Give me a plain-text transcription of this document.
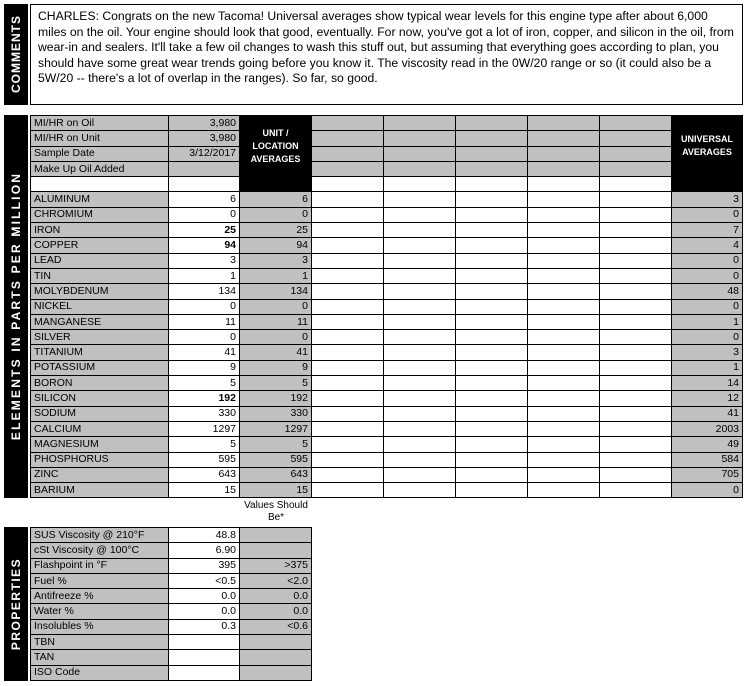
COMMENTS	CHARLES: Congrats on the new Tacoma! Universal averages show typical wear levels for this engine type after about 6,000 miles on the oil. Your engine should look that good, eventually. For now, you've got a lot of iron, copper, and silicon in the oil, from wear-in and sealers. It'll take a few oil changes to wash this stuff out, but assuming that everything goes according to plan, you should have some great wear trends going before you know it. The viscosity read in the 0W/20 range or so (it could also be a 5W/20 -- there's a lot of overlap in the ranges). So far, so good.
ELEMENTS IN PARTS PER MILLION
MI/HR on Oil	3,980	UNIT / LOCATION AVERAGES						UNIVERSAL AVERAGES
MI/HR on Unit	3,980							
Sample Date	3/12/2017							
Make Up Oil Added								

ALUMINUM	6	6						3
CHROMIUM	0	0						0
IRON	25	25						7
COPPER	94	94						4
LEAD	3	3						0
TIN	1	1						0
MOLYBDENUM	134	134						48
NICKEL	0	0						0
MANGANESE	11	11						1
SILVER	0	0						0
TITANIUM	41	41						3
POTASSIUM	9	9						1
BORON	5	5						14
SILICON	192	192						12
SODIUM	330	330						41
CALCIUM	1297	1297						2003
MAGNESIUM	5	5						49
PHOSPHORUS	595	595						584
ZINC	643	643						705
BARIUM	15	15						0
Values Should Be*
PROPERTIES
SUS Viscosity @ 210°F	48.8	
cSt Viscosity @ 100°C	6.90	
Flashpoint in °F	395	>375
Fuel %	<0.5	<2.0
Antifreeze %	0.0	0.0
Water %	0.0	0.0
Insolubles %	0.3	<0.6
TBN		
TAN		
ISO Code		
